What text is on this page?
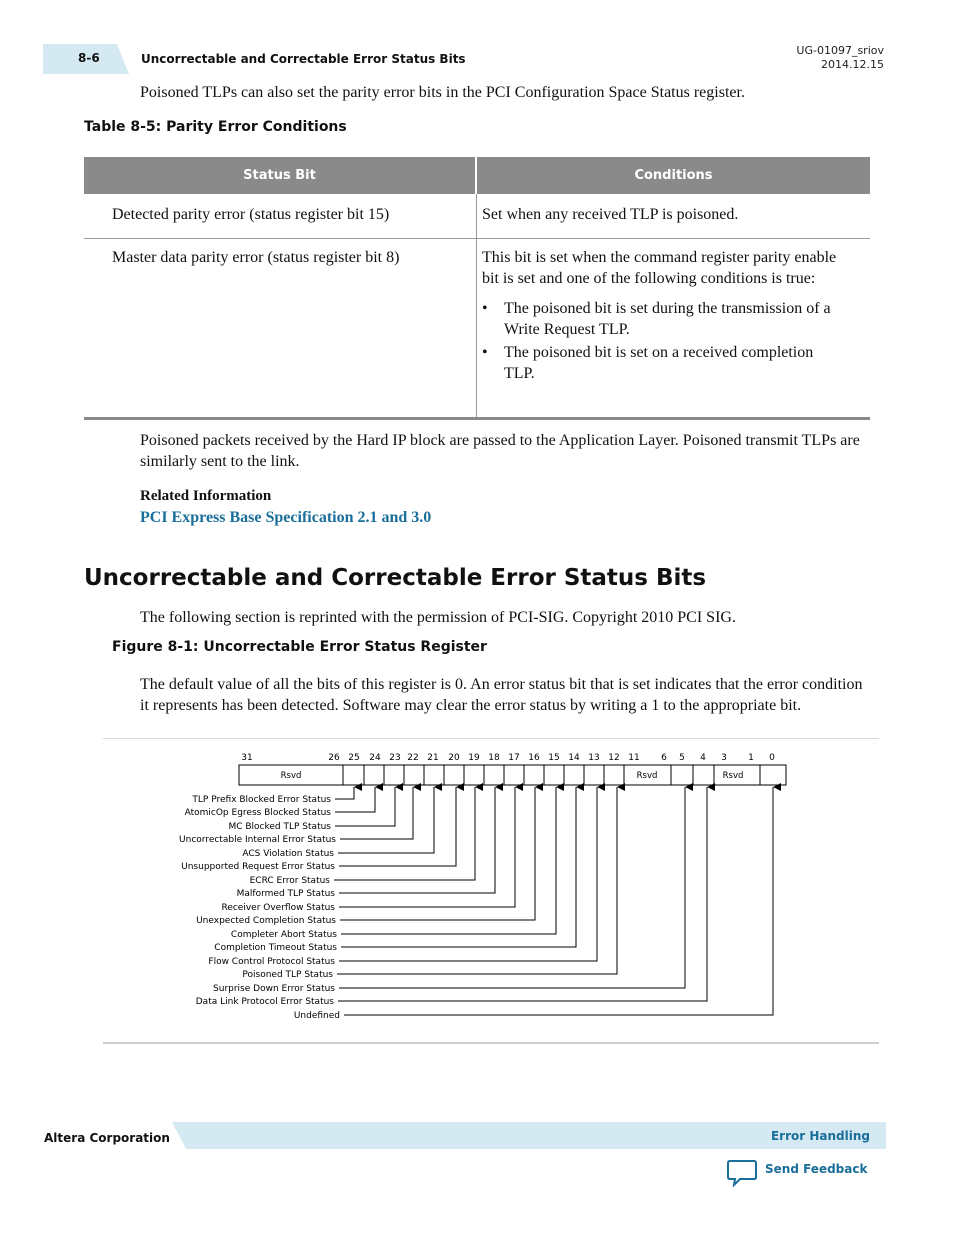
8-6	Uncorrectable and Correctable Error Status Bits
UG-01097_sriov
2014.12.15
Poisoned TLPs can also set the parity error bits in the PCI Configuration Space Status register.
Table 8-5: Parity Error Conditions
Status Bit	Conditions
Detected parity error (status register bit 15)	Set when any received TLP is poisoned.
Master data parity error (status register bit 8)	This bit is set when the command register parity enable bit is set and one of the following conditions is true:
• The poisoned bit is set during the transmission of a Write Request TLP.
• The poisoned bit is set on a received completion TLP.
Poisoned packets received by the Hard IP block are passed to the Application Layer. Poisoned transmit TLPs are similarly sent to the link.
Related Information
PCI Express Base Specification 2.1 and 3.0
Uncorrectable and Correctable Error Status Bits
The following section is reprinted with the permission of PCI-SIG. Copyright 2010 PCI SIG.
Figure 8-1: Uncorrectable Error Status Register
The default value of all the bits of this register is 0. An error status bit that is set indicates that the error condition it represents has been detected. Software may clear the error status by writing a 1 to the appropriate bit.
31	26 25 24 23 22 21 20 19 18 17 16 15 14 13 12 11 6 5 4 3 1 0
Rsvd	Rsvd	Rsvd
TLP Prefix Blocked Error Status
AtomicOp Egress Blocked Status
MC Blocked TLP Status
Uncorrectable Internal Error Status
ACS Violation Status
Unsupported Request Error Status
ECRC Error Status
Malformed TLP Status
Receiver Overflow Status
Unexpected Completion Status
Completer Abort Status
Completion Timeout Status
Flow Control Protocol Status
Poisoned TLP Status
Surprise Down Error Status
Data Link Protocol Error Status
Undefined
Altera Corporation	Error Handling
Send Feedback
